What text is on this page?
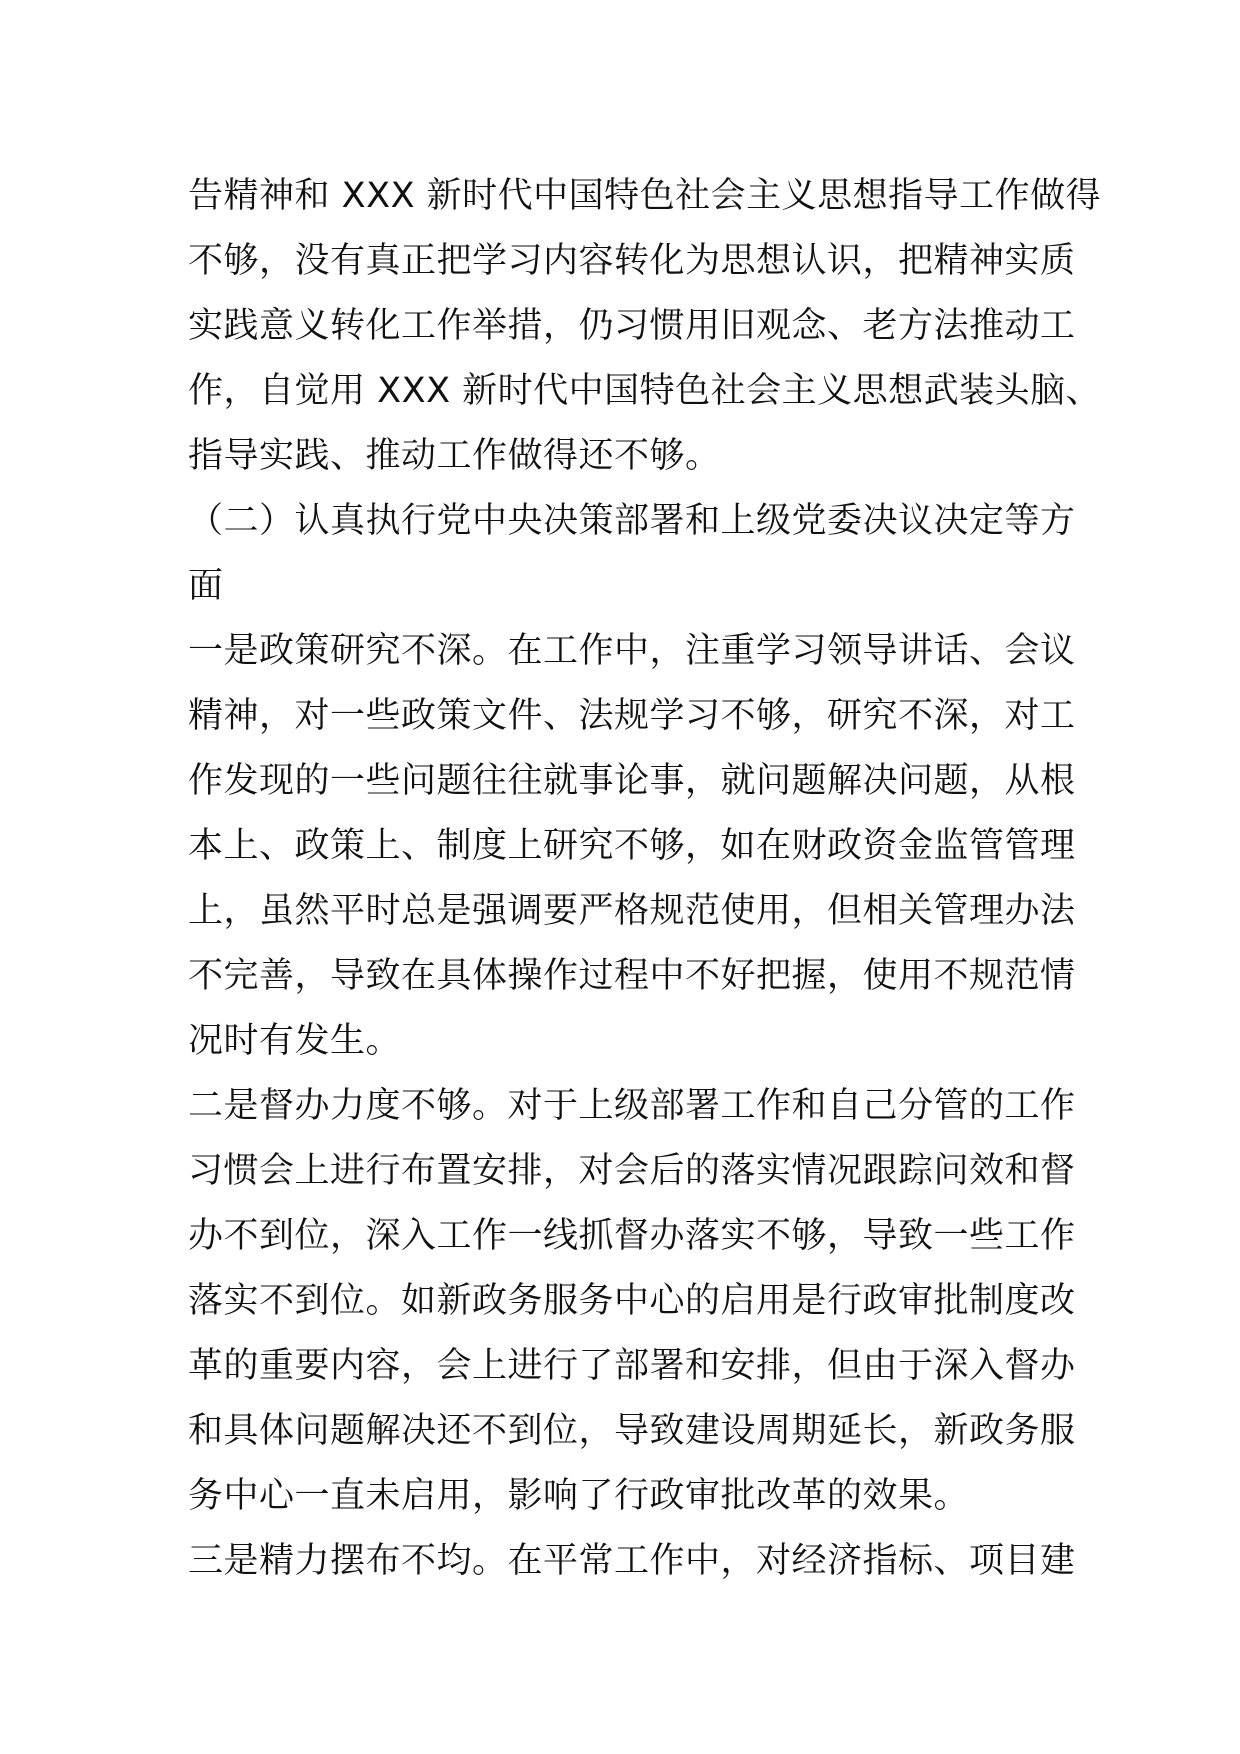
告精神和 XXX 新时代中国特色社会主义思想指导工作做得
不够，没有真正把学习内容转化为思想认识，把精神实质
实践意义转化工作举措，仍习惯用旧观念、老方法推动工
作，自觉用 XXX 新时代中国特色社会主义思想武装头脑、
指导实践、推动工作做得还不够。
（二）认真执行党中央决策部署和上级党委决议决定等方
面
一是政策研究不深。在工作中，注重学习领导讲话、会议
精神，对一些政策文件、法规学习不够，研究不深，对工
作发现的一些问题往往就事论事，就问题解决问题，从根
本上、政策上、制度上研究不够，如在财政资金监管管理
上，虽然平时总是强调要严格规范使用，但相关管理办法
不完善，导致在具体操作过程中不好把握，使用不规范情
况时有发生。
二是督办力度不够。对于上级部署工作和自己分管的工作
习惯会上进行布置安排，对会后的落实情况跟踪问效和督
办不到位，深入工作一线抓督办落实不够，导致一些工作
落实不到位。如新政务服务中心的启用是行政审批制度改
革的重要内容，会上进行了部署和安排，但由于深入督办
和具体问题解决还不到位，导致建设周期延长，新政务服
务中心一直未启用，影响了行政审批改革的效果。
三是精力摆布不均。在平常工作中，对经济指标、项目建
